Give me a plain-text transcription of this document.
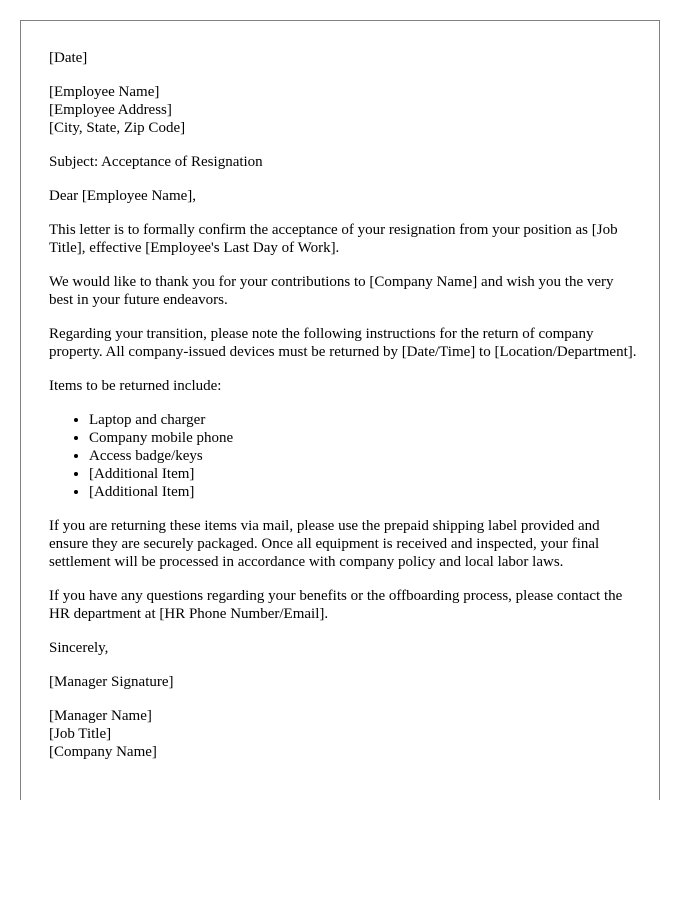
[Date]

[Employee Name]

[Employee Address]

[City, State, Zip Code]

Subject: Acceptance of Resignation

Dear [Employee Name],

This letter is to formally confirm the acceptance of your resignation from your position as [Job Title], effective [Employee's Last Day of Work].

We would like to thank you for your contributions to [Company Name] and wish you the very best in your future endeavors.

Regarding your transition, please note the following instructions for the return of company property. All company-issued devices must be returned by [Date/Time] to [Location/Department].

Items to be returned include:

• Laptop and charger
• Company mobile phone
• Access badge/keys
• [Additional Item]
• [Additional Item]

If you are returning these items via mail, please use the prepaid shipping label provided and ensure they are securely packaged. Once all equipment is received and inspected, your final settlement will be processed in accordance with company policy and local labor laws.

If you have any questions regarding your benefits or the offboarding process, please contact the HR department at [HR Phone Number/Email].

Sincerely,

[Manager Signature]

[Manager Name]

[Job Title]

[Company Name]
